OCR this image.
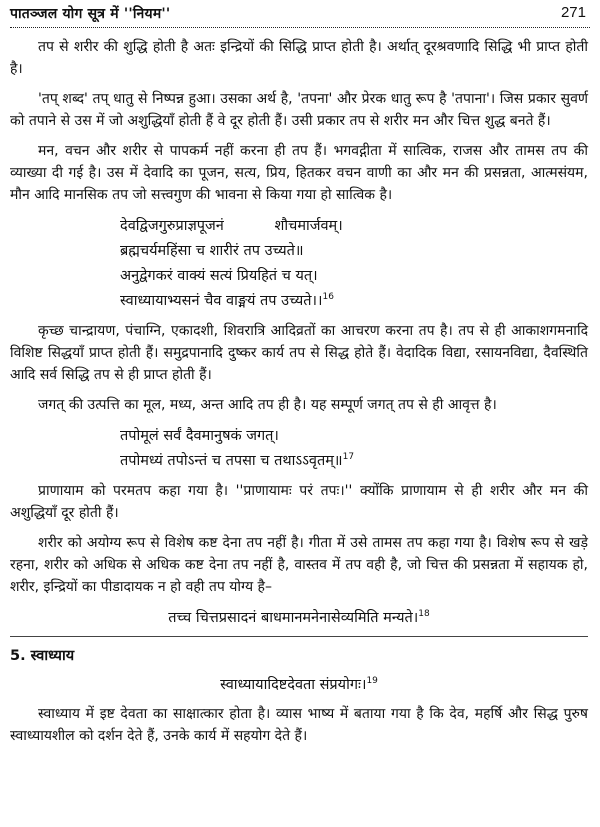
पातञ्जल योग सूत्र में ''नियम''	271

तप से शरीर की शुद्धि होती है अतः इन्द्रियों की सिद्धि प्राप्त होती है। अर्थात् दूरश्रवणादि सिद्धि भी प्राप्त होती है।

'तप् शब्द' तप् धातु से निष्पन्न हुआ। उसका अर्थ है, 'तपना' और प्रेरक धातु रूप है 'तपाना'। जिस प्रकार सुवर्ण को तपाने से उस में जो अशुद्धियाँ होती हैं वे दूर होती हैं। उसी प्रकार तप से शरीर मन और चित्त शुद्ध बनते हैं।

मन, वचन और शरीर से पापकर्म नहीं करना ही तप हैं। भगवद्गीता में सात्विक, राजस और तामस तप की व्याख्या दी गई है। उस में देवादि का पूजन, सत्य, प्रिय, हितकर वचन वाणी का और मन की प्रसन्नता, आत्मसंयम, मौन आदि मानसिक तप जो सत्त्वगुण की भावना से किया गया हो सात्विक है।

देवद्विजगुरुप्राज्ञपूजनं           शौचमार्जवम्।
ब्रह्मचर्यमहिंसा च शारीरं तप उच्यते॥
अनुद्वेगकरं वाक्यं सत्यं प्रियहितं च यत्।
स्वाध्यायाभ्यसनं चैव वाङ्मयं तप उच्यते।।$^{16}$

कृच्छ चान्द्रायण, पंचाग्नि, एकादशी, शिवरात्रि आदिव्रतों का आचरण करना तप है। तप से ही आकाशगमनादि विशिष्ट सिद्धयाँ प्राप्त होती हैं। समुद्रपानादि दुष्कर कार्य तप से सिद्ध होते हैं। वेदादिक विद्या, रसायनविद्या, दैवस्थिति आदि सर्व सिद्धि तप से ही प्राप्त होती हैं।

जगत् की उत्पत्ति का मूल, मध्य, अन्त आदि तप ही है। यह सम्पूर्ण जगत् तप से ही आवृत्त है।

तपोमूलं सर्वं दैवमानुषकं जगत्।
तपोमध्यं तपोऽन्तं च तपसा च तथाऽऽवृतम्॥$^{17}$

प्राणायाम को परमतप कहा गया है। ''प्राणायामः परं तपः।'' क्योंकि प्राणायाम से ही शरीर और मन की अशुद्धियाँ दूर होती हैं।

शरीर को अयोग्य रूप से विशेष कष्ट देना तप नहीं है। गीता में उसे तामस तप कहा गया है। विशेष रूप से खड़े रहना, शरीर को अधिक से अधिक कष्ट देना तप नहीं है, वास्तव में तप वही है, जो चित्त की प्रसन्नता में सहायक हो, शरीर, इन्द्रियों का पीडादायक न हो वही तप योग्य है–

तच्च चित्तप्रसादनं बाधमानमनेनासेव्यमिति मन्यते।$^{18}$
5. स्वाध्याय
स्वाध्यायादिष्टदेवता संप्रयोगः।$^{19}$

स्वाध्याय में इष्ट देवता का साक्षात्कार होता है। व्यास भाष्य में बताया गया है कि देव, महर्षि और सिद्ध पुरुष स्वाध्यायशील को दर्शन देते हैं, उनके कार्य में सहयोग देते हैं।
